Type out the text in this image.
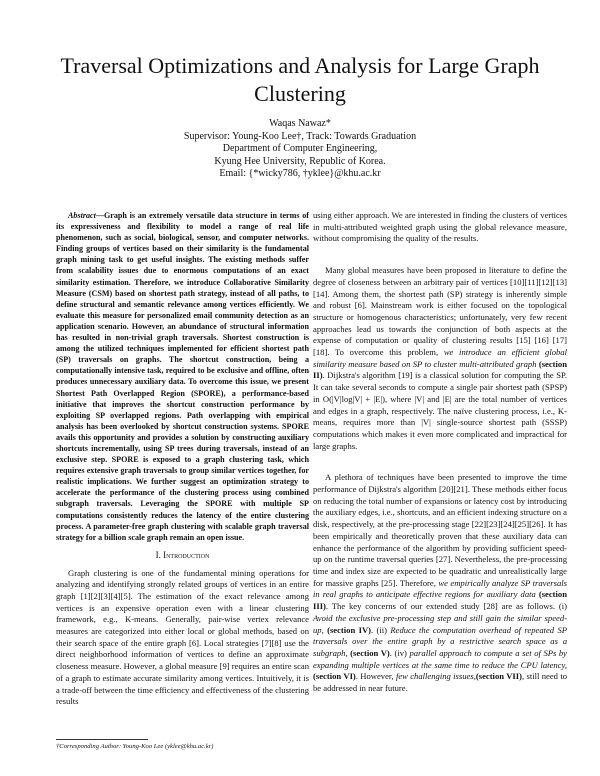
Traversal Optimizations and Analysis for Large Graph Clustering
Waqas Nawaz*
Supervisor: Young-Koo Lee†, Track: Towards Graduation
Department of Computer Engineering,
Kyung Hee University, Republic of Korea.
Email: {*wicky786, †yklee}@khu.ac.kr

Abstract—Graph is an extremely versatile data structure in terms of its expressiveness and flexibility to model a range of real life phenomenon, such as social, biological, sensor, and computer networks. Finding groups of vertices based on their similarity is the fundamental graph mining task to get useful insights. The existing methods suffer from scalability issues due to enormous computations of an exact similarity estimation. Therefore, we introduce Collaborative Similarity Measure (CSM) based on shortest path strategy, instead of all paths, to define structural and semantic relevance among vertices efficiently. We evaluate this measure for personalized email community detection as an application scenario. However, an abundance of structural information has resulted in non-trivial graph traversals. Shortest construction is among the utilized techniques implemented for efficient shortest path (SP) traversals on graphs. The shortcut construction, being a computationally intensive task, required to be exclusive and offline, often produces unnecessary auxiliary data. To overcome this issue, we present Shortest Path Overlapped Region (SPORE), a performance-based initiative that improves the shortcut construction performance by exploiting SP overlapped regions. Path overlapping with empirical analysis has been overlooked by shortcut construction systems. SPORE avails this opportunity and provides a solution by constructing auxiliary shortcuts incrementally, using SP trees during traversals, instead of an exclusive step. SPORE is exposed to a graph clustering task, which requires extensive graph traversals to group similar vertices together, for realistic implications. We further suggest an optimization strategy to accelerate the performance of the clustering process using combined subgraph traversals. Leveraging the SPORE with multiple SP computations consistently reduces the latency of the entire clustering process. A parameter-free graph clustering with scalable graph traversal strategy for a billion scale graph remain an open issue.

I. Introduction

Graph clustering is one of the fundamental mining operations for analyzing and identifying strongly related groups of vertices in an entire graph [1][2][3][4][5]. The estimation of the exact relevance among vertices is an expensive operation even with a linear clustering framework, e.g., K-means. Generally, pair-wise vertex relevance measures are categorized into either local or global methods, based on their search space of the entire graph [6]. Local strategies [7][8] use the direct neighborhood information of vertices to define an approximate closeness measure. However, a global measure [9] requires an entire scan of a graph to estimate accurate similarity among vertices. Intuitively, it is a trade-off between the time efficiency and effectiveness of the clustering results

using either approach. We are interested in finding the clusters of vertices in multi-attributed weighted graph using the global relevance measure, without compromising the quality of the results.

Many global measures have been proposed in literature to define the degree of closeness between an arbitrary pair of vertices [10][11][12][13][14]. Among them, the shortest path (SP) strategy is inherently simple and robust [6]. Mainstream work is either focused on the topological structure or homogenous characteristics; unfortunately, very few recent approaches lead us towards the conjunction of both aspects at the expense of computation or quality of clustering results [15] [16] [17] [18]. To overcome this problem, we introduce an efficient global similarity measure based on SP to cluster multi-attributed graph (section II). Dijkstra's algorithm [19] is a classical solution for computing the SP. It can take several seconds to compute a single pair shortest path (SPSP) in O(|V|log|V| + |E|), where |V| and |E| are the total number of vertices and edges in a graph, respectively. The naïve clustering process, i.e., K-means, requires more than |V| single-source shortest path (SSSP) computations which makes it even more complicated and impractical for large graphs.

A plethora of techniques have been presented to improve the time performance of Dijkstra's algorithm [20][21]. These methods either focus on reducing the total number of expansions or latency cost by introducing the auxiliary edges, i.e., shortcuts, and an efficient indexing structure on a disk, respectively, at the pre-processing stage [22][23][24][25][26]. It has been empirically and theoretically proven that these auxiliary data can enhance the performance of the algorithm by providing sufficient speed-up on the runtime traversal queries [27]. Nevertheless, the pre-processing time and index size are expected to be quadratic and unrealistically large for massive graphs [25]. Therefore, we empirically analyze SP traversals in real graphs to anticipate effective regions for auxiliary data (section III). The key concerns of our extended study [28] are as follows. (i) Avoid the exclusive pre-processing step and still gain the similar speed-up, (section IV). (ii) Reduce the computation overhead of repeated SP traversals over the entire graph by a restrictive search space as a subgraph, (section V). (iv) parallel approach to compute a set of SPs by expanding multiple vertices at the same time to reduce the CPU latency, (section VI). However, few challenging issues,(section VII), still need to be addressed in near future.

†Corresponding Author: Young-Koo Lee (yklee@khu.ac.kr)
